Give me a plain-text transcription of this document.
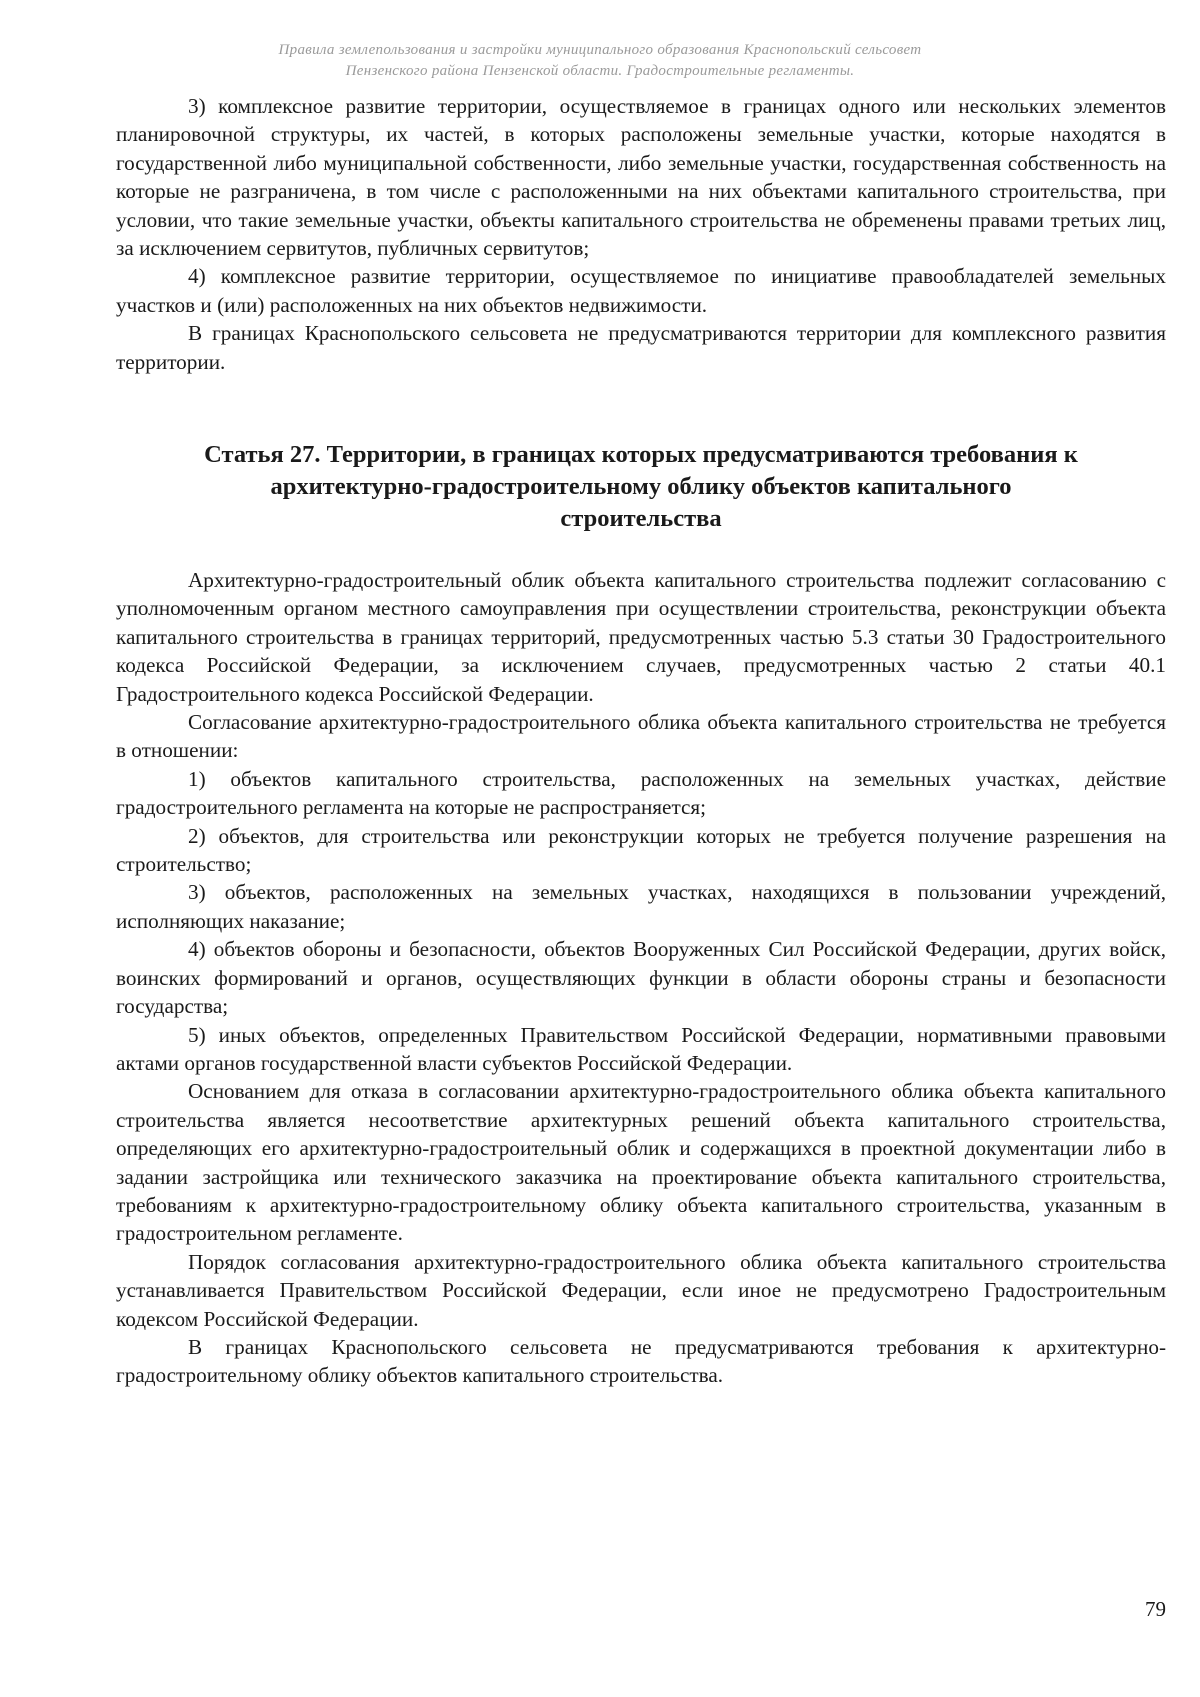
Правила землепользования и застройки муниципального образования Краснопольский сельсовет
Пензенского района Пензенской области. Градостроительные регламенты.

3) комплексное развитие территории, осуществляемое в границах одного или нескольких элементов планировочной структуры, их частей, в которых расположены земельные участки, которые находятся в государственной либо муниципальной собственности, либо земельные участки, государственная собственность на которые не разграничена, в том числе с расположенными на них объектами капитального строительства, при условии, что такие земельные участки, объекты капитального строительства не обременены правами третьих лиц, за исключением сервитутов, публичных сервитутов;

4) комплексное развитие территории, осуществляемое по инициативе правообладателей земельных участков и (или) расположенных на них объектов недвижимости.

В границах Краснопольского сельсовета не предусматриваются территории для комплексного развития территории.

Статья 27. Территории, в границах которых предусматриваются требования к
архитектурно-градостроительному облику объектов капитального
строительства

Архитектурно-градостроительный облик объекта капитального строительства подлежит согласованию с уполномоченным органом местного самоуправления при осуществлении строительства, реконструкции объекта капитального строительства в границах территорий, предусмотренных частью 5.3 статьи 30 Градостроительного кодекса Российской Федерации, за исключением случаев, предусмотренных частью 2 статьи 40.1 Градостроительного кодекса Российской Федерации.

Согласование архитектурно-градостроительного облика объекта капитального строительства не требуется в отношении:

1) объектов капитального строительства, расположенных на земельных участках, действие градостроительного регламента на которые не распространяется;

2) объектов, для строительства или реконструкции которых не требуется получение разрешения на строительство;

3) объектов, расположенных на земельных участках, находящихся в пользовании учреждений, исполняющих наказание;

4) объектов обороны и безопасности, объектов Вооруженных Сил Российской Федерации, других войск, воинских формирований и органов, осуществляющих функции в области обороны страны и безопасности государства;

5) иных объектов, определенных Правительством Российской Федерации, нормативными правовыми актами органов государственной власти субъектов Российской Федерации.

Основанием для отказа в согласовании архитектурно-градостроительного облика объекта капитального строительства является несоответствие архитектурных решений объекта капитального строительства, определяющих его архитектурно-градостроительный облик и содержащихся в проектной документации либо в задании застройщика или технического заказчика на проектирование объекта капитального строительства, требованиям к архитектурно-градостроительному облику объекта капитального строительства, указанным в градостроительном регламенте.

Порядок согласования архитектурно-градостроительного облика объекта капитального строительства устанавливается Правительством Российской Федерации, если иное не предусмотрено Градостроительным кодексом Российской Федерации.

В границах Краснопольского сельсовета не предусматриваются требования к архитектурно-градостроительному облику объектов капитального строительства.

79
